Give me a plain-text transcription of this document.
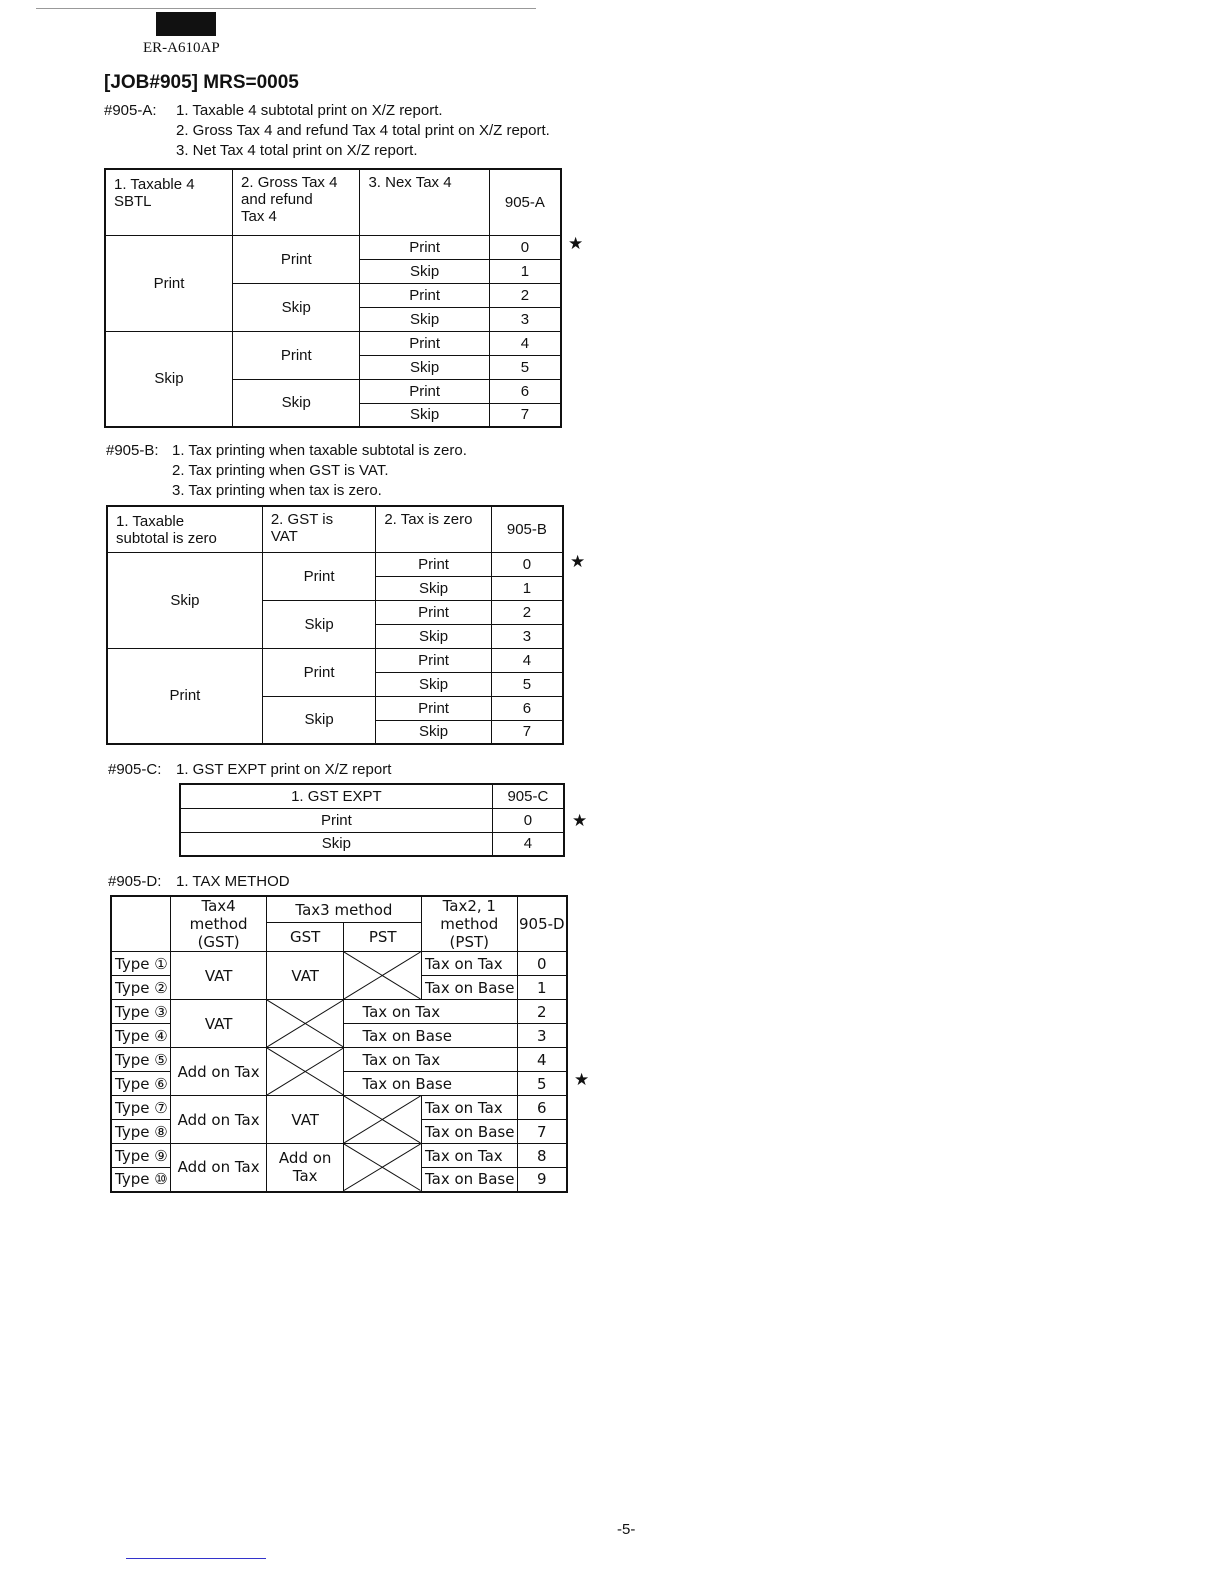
ER-A610AP
[JOB#905] MRS=0005
#905-A: 1. Taxable 4 subtotal print on X/Z report.
2. Gross Tax 4 and refund Tax 4 total print on X/Z report.
3. Net Tax 4 total print on X/Z report.
1. Taxable 4
SBTL	2. Gross Tax 4
and refund
Tax 4	3. Nex Tax 4	905-A
Print	Print	Print	0
		Skip	1
	Skip	Print	2
		Skip	3
Skip	Print	Print	4
		Skip	5
	Skip	Print	6
		Skip	7
★
#905-B: 1. Tax printing when taxable subtotal is zero.
2. Tax printing when GST is VAT.
3. Tax printing when tax is zero.
1. Taxable
subtotal is zero	2. GST is
VAT	2. Tax is zero	905-B
Skip	Print	Print	0
		Skip	1
	Skip	Print	2
		Skip	3
Print	Print	Print	4
		Skip	5
	Skip	Print	6
		Skip	7
★
#905-C: 1. GST EXPT print on X/Z report
1. GST EXPT	905-C
Print	0
Skip	4
★
#905-D: 1. TAX METHOD
	Tax4
method (GST)	Tax3 method		Tax2, 1
method (PST)	905-D
		GST	PST		
Type ①	VAT	VAT		Tax on Tax	0
Type ②				Tax on Base	1
Type ③	VAT		Tax on Tax		2
Type ④			Tax on Base		3
Type ⑤	Add on Tax		Tax on Tax		4
Type ⑥			Tax on Base		5
Type ⑦	Add on Tax	VAT		Tax on Tax	6
Type ⑧				Tax on Base	7
Type ⑨	Add on Tax	Add on
Tax		Tax on Tax	8
Type ⑩				Tax on Base	9
★
-5-
